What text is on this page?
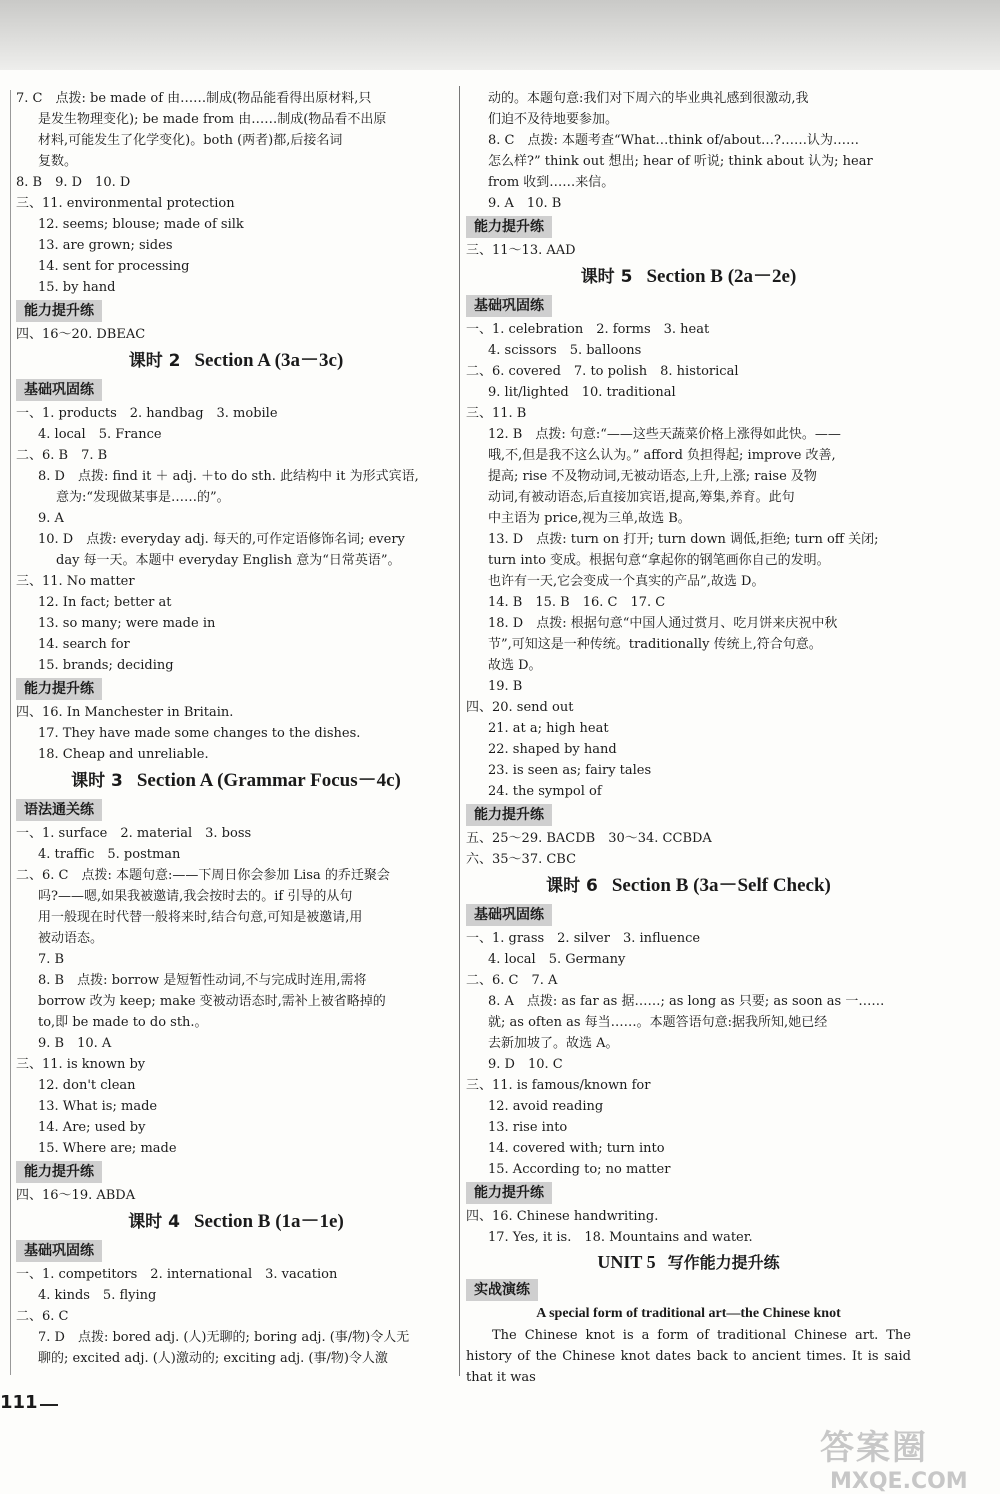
7. C　点拨: be made of 由……制成(物品能看得出原材料,只
是发生物理变化); be made from 由……制成(物品看不出原
材料,可能发生了化学变化)。both (两者)都,后接名词
复数。
8. B　9. D　10. D
三、11. environmental protection
12. seems; blouse; made of silk
13. are grown; sides
14. sent for processing
15. by hand
能力提升练
四、16～20. DBEAC
课时 2 Section A (3a－3c)
基础巩固练
一、1. products　2. handbag　3. mobile
4. local　5. France
二、6. B　7. B
8. D　点拨: find it ＋ adj. ＋to do sth. 此结构中 it 为形式宾语,
意为:“发现做某事是……的”。
9. A
10. D　点拨: everyday adj. 每天的,可作定语修饰名词; every
day 每一天。本题中 everyday English 意为“日常英语”。
三、11. No matter
12. In fact; better at
13. so many; were made in
14. search for
15. brands; deciding
能力提升练
四、16. In Manchester in Britain.
17. They have made some changes to the dishes.
18. Cheap and unreliable.
课时 3 Section A (Grammar Focus－4c)
语法通关练
一、1. surface　2. material　3. boss
4. traffic　5. postman
二、6. C　点拨: 本题句意:——下周日你会参加 Lisa 的乔迁聚会
吗?——嗯,如果我被邀请,我会按时去的。if 引导的从句
用一般现在时代替一般将来时,结合句意,可知是被邀请,用
被动语态。
7. B
8. B　点拨: borrow 是短暂性动词,不与完成时连用,需将
borrow 改为 keep; make 变被动语态时,需补上被省略掉的
to,即 be made to do sth.。
9. B　10. A
三、11. is known by
12. don't clean
13. What is; made
14. Are; used by
15. Where are; made
能力提升练
四、16～19. ABDA
课时 4 Section B (1a－1e)
基础巩固练
一、1. competitors　2. international　3. vacation
4. kinds　5. flying
二、6. C
7. D　点拨: bored adj. (人)无聊的; boring adj. (事/物)令人无
聊的; excited adj. (人)激动的; exciting adj. (事/物)令人激
动的。本题句意:我们对下周六的毕业典礼感到很激动,我
们迫不及待地要参加。
8. C　点拨: 本题考查“What…think of/about…?……认为……
怎么样?” think out 想出; hear of 听说; think about 认为; hear
from 收到……来信。
9. A　10. B
能力提升练
三、11～13. AAD
课时 5 Section B (2a－2e)
基础巩固练
一、1. celebration　2. forms　3. heat
4. scissors　5. balloons
二、6. covered　7. to polish　8. historical
9. lit/lighted　10. traditional
三、11. B
12. B　点拨: 句意:“——这些天蔬菜价格上涨得如此快。——
哦,不,但是我不这么认为。” afford 负担得起; improve 改善,
提高; rise 不及物动词,无被动语态,上升,上涨; raise 及物
动词,有被动语态,后直接加宾语,提高,筹集,养育。此句
中主语为 price,视为三单,故选 B。
13. D　点拨: turn on 打开; turn down 调低,拒绝; turn off 关闭;
turn into 变成。根据句意“拿起你的钢笔画你自己的发明。
也许有一天,它会变成一个真实的产品”,故选 D。
14. B　15. B　16. C　17. C
18. D　点拨: 根据句意“中国人通过赏月、吃月饼来庆祝中秋
节”,可知这是一种传统。traditionally 传统上,符合句意。
故选 D。
19. B
四、20. send out
21. at a; high heat
22. shaped by hand
23. is seen as; fairy tales
24. the sympol of
能力提升练
五、25～29. BACDB　30～34. CCBDA
六、35～37. CBC
课时 6 Section B (3a－Self Check)
基础巩固练
一、1. grass　2. silver　3. influence
4. local　5. Germany
二、6. C　7. A
8. A　点拨: as far as 据……; as long as 只要; as soon as 一……
就; as often as 每当……。本题答语句意:据我所知,她已经
去新加坡了。故选 A。
9. D　10. C
三、11. is famous/known for
12. avoid reading
13. rise into
14. covered with; turn into
15. According to; no matter
能力提升练
四、16. Chinese handwriting.
17. Yes, it is.　18. Mountains and water.
UNIT 5 写作能力提升练
实战演练
A special form of traditional art—the Chinese knot
The Chinese knot is a form of traditional Chinese art. The history of the Chinese knot dates back to ancient times. It is said that it was
111
答案圈
MXQE.COM
